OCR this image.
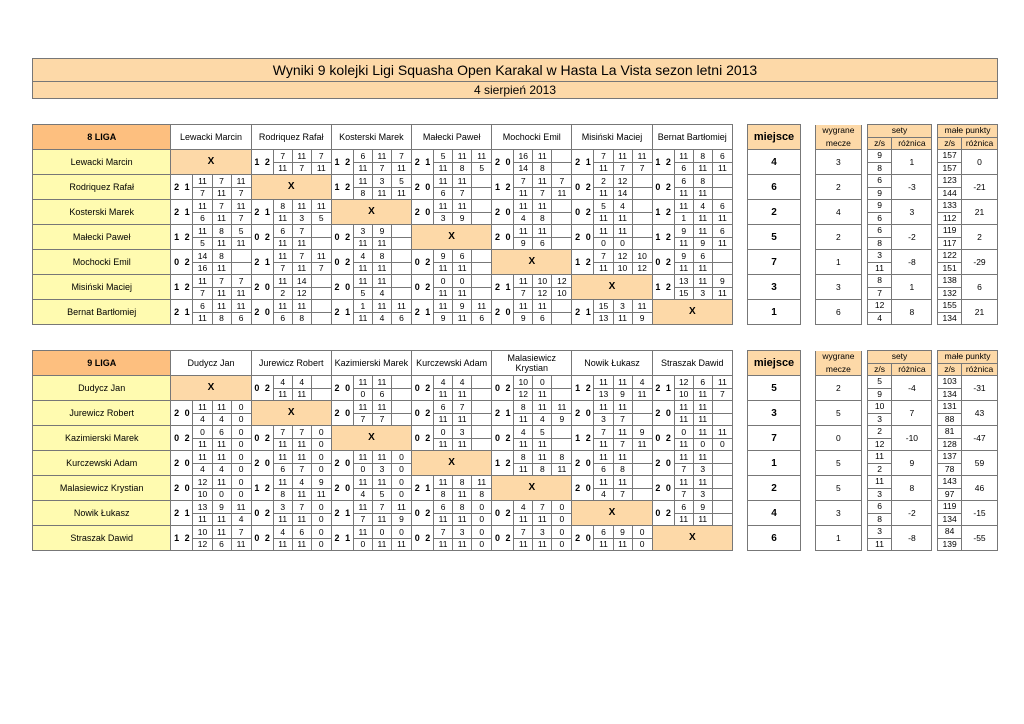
Wyniki 9 kolejki Ligi Squasha Open Karakal w Hasta La Vista sezon letni 2013
4 sierpień 2013
8 LIGA	Lewacki Marcin					Rodriquez Rafał					Kosterski Marek					Małecki Paweł					Mochocki Emil					Misiński Maciej					Bernat Bartłomiej				
Lewacki Marcin	X					1	2	7	11	7	1	2	6	11	7	2	1	5	11	11	2	0	16	11		2	1	7	11	11	1	2	11	8	6
								11	7	11			11	7	11			11	8	5			14	8				11	7	7			6	11	11
Rodriquez Rafał	2	1	11	7	11	X					1	2	11	3	5	2	0	11	11		1	2	7	11	7	0	2	2	12		0	2	6	8	
			7	11	7								8	11	11			6	7				11	7	11			11	14				11	11	
Kosterski Marek	2	1	11	7	11	2	1	8	11	11	X					2	0	11	11		2	0	11	11		0	2	5	4		1	2	11	4	6
			6	11	7			11	3	5								3	9				4	8				11	11				1	11	11
Małecki Paweł	1	2	11	8	5	0	2	6	7		0	2	3	9		X					2	0	11	11		2	0	11	11		1	2	9	11	6
			5	11	11			11	11				11	11									9	6				0	0				11	9	11
Mochocki Emil	0	2	14	8		2	1	11	7	11	0	2	4	8		0	2	9	6		X					1	2	7	12	10	0	2	9	6	
			16	11				7	11	7			11	11				11	11									11	10	12			11	11	
Misiński Maciej	1	2	11	7	7	2	0	11	14		2	0	11	11		0	2	0	0		2	1	11	10	12	X					1	2	13	11	9
			7	11	11			2	12				5	4				11	11				7	12	10								15	3	11
Bernat Bartłomiej	2	1	6	11	11	2	0	11	11		2	1	1	11	11	2	1	11	9	11	2	0	11	11		2	1	15	3	11	X				
			11	8	6			6	8				11	4	6			9	11	6			9	6				13	11	9					
miejsce
4
6
2
5
7
3
1
wygrane		sety			małe punkty	
mecze		z/s	różnica		z/s	różnica
3		9	1		157	0
		8			157	
2		6	-3		123	-21
		9			144	
4		9	3		133	21
		6			112	
2		6	-2		119	2
		8			117	
1		3	-8		122	-29
		11			151	
3		8	1		138	6
		7			132	
6		12	8		155	21
		4			134	
9 LIGA	Dudycz Jan					Jurewicz Robert					Kazimierski Marek					Kurczewski Adam					Malasiewicz Krystian					Nowik Łukasz					Straszak Dawid				
Dudycz Jan	X					0	2	4	4		2	0	11	11		0	2	4	4		0	2	10	0		1	2	11	11	4	2	1	12	6	11
								11	11				0	6				11	11				12	11				13	9	11			10	11	7
Jurewicz Robert	2	0	11	11	0	X					2	0	11	11		0	2	6	7		2	1	8	11	11	2	0	11	11		2	0	11	11	
			4	4	0								7	7				11	11				11	4	9			3	7				11	11	
Kazimierski Marek	0	2	0	6	0	0	2	7	7	0	X					0	2	0	3		0	2	4	5		1	2	7	11	9	0	2	0	11	11
			11	11	0			11	11	0								11	11				11	11				11	7	11			11	0	0
Kurczewski Adam	2	0	11	11	0	2	0	11	11	0	2	0	11	11	0	X					1	2	8	11	8	2	0	11	11		2	0	11	11	
			4	4	0			6	7	0			0	3	0								11	8	11			6	8				7	3	
Malasiewicz Krystian	2	0	12	11	0	1	2	11	4	9	2	0	11	11	0	2	1	11	8	11	X					2	0	11	11		2	0	11	11	
			10	0	0			8	11	11			4	5	0			8	11	8								4	7				7	3	
Nowik Łukasz	2	1	13	9	11	0	2	3	7	0	2	1	11	7	11	0	2	6	8	0	0	2	4	7	0	X					0	2	6	9	
			11	11	4			11	11	0			7	11	9			11	11	0			11	11	0								11	11	
Straszak Dawid	1	2	10	11	7	0	2	4	6	0	2	1	11	0	0	0	2	7	3	0	0	2	7	3	0	2	0	6	9	0	X				
			12	6	11			11	11	0			0	11	11			11	11	0			11	11	0			11	11	0					
miejsce
5
3
7
1
2
4
6
wygrane		sety			małe punkty	
mecze		z/s	różnica		z/s	różnica
2		5	-4		103	-31
		9			134	
5		10	7		131	43
		3			88	
0		2	-10		81	-47
		12			128	
5		11	9		137	59
		2			78	
5		11	8		143	46
		3			97	
3		6	-2		119	-15
		8			134	
1		3	-8		84	-55
		11			139	
